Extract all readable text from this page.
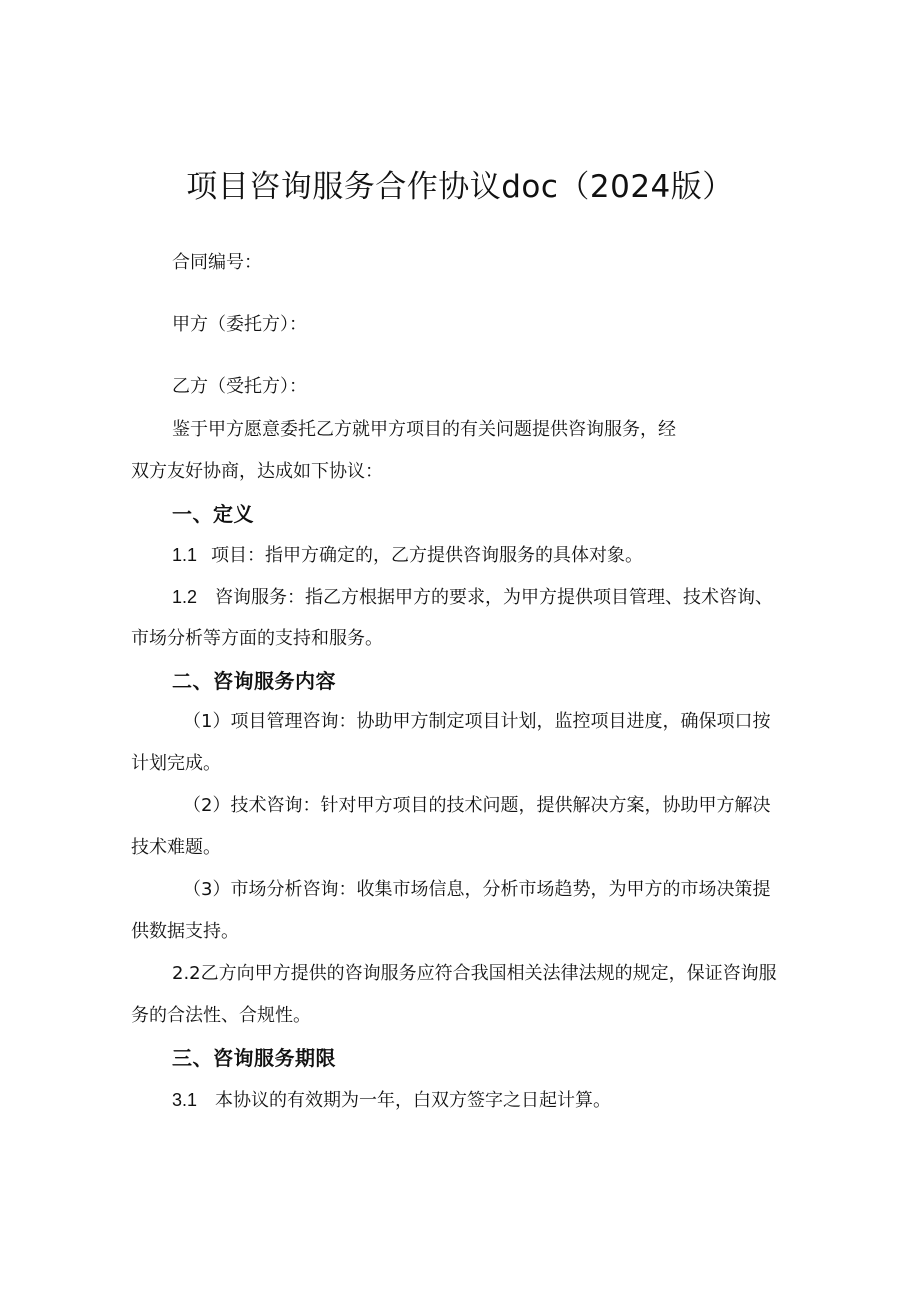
项目咨询服务合作协议doc（2024版）
合同编号：
甲方（委托方）：
乙方（受托方）：
鉴于甲方愿意委托乙方就甲方项目的有关问题提供咨询服务，经
双方友好协商，达成如下协议：
一、定义
1.1 项目：指甲方确定的，乙方提供咨询服务的具体对象。
1.2 咨询服务：指乙方根据甲方的要求，为甲方提供项目管理、技术咨询、
市场分析等方面的支持和服务。
二、咨询服务内容
（1）项目管理咨询：协助甲方制定项目计划，监控项目进度，确保项口按
计划完成。
（2）技术咨询：针对甲方项目的技术问题，提供解决方案，协助甲方解决
技术难题。
（3）市场分析咨询：收集市场信息，分析市场趋势，为甲方的市场决策提
供数据支持。
2.2乙方向甲方提供的咨询服务应符合我国相关法律法规的规定，保证咨询服
务的合法性、合规性。
三、咨询服务期限
3.1 本协议的有效期为一年，白双方签字之日起计算。
